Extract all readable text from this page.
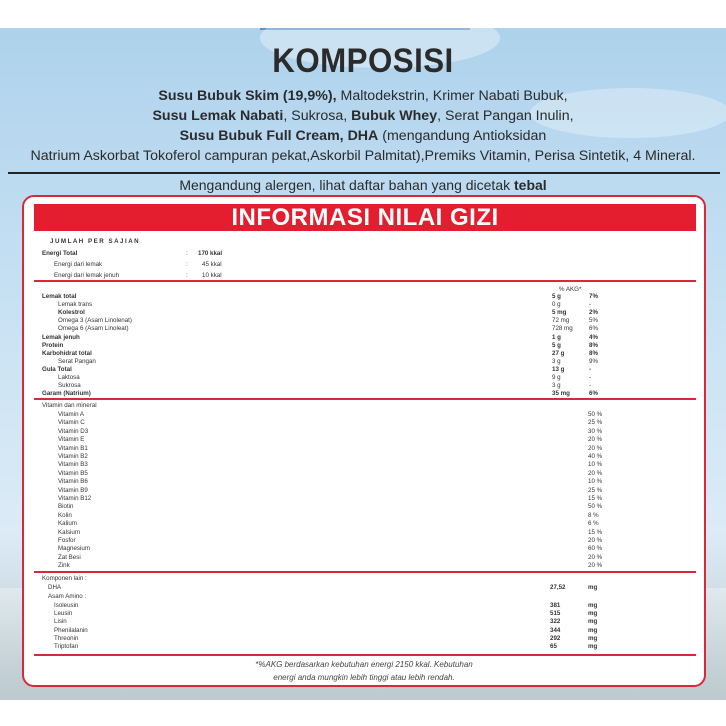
KOMPOSISI
Susu Bubuk Skim (19,9%), Maltodekstrin, Krimer Nabati Bubuk,
Susu Lemak Nabati, Sukrosa, Bubuk Whey, Serat Pangan Inulin,
Susu Bubuk Full Cream, DHA (mengandung Antioksidan
Natrium Askorbat Tokoferol campuran pekat,Askorbil Palmitat),Premiks Vitamin, Perisa Sintetik, 4 Mineral.
Mengandung alergen, lihat daftar bahan yang dicetak tebal
INFORMASI NILAI GIZI
JUMLAH PER SAJIAN
% AKG*
Vitamin dan mineral
Komponen lain :
*%AKG berdasarkan kebutuhan energi 2150 kkal. Kebutuhan
energi anda mungkin lebih tinggi atau lebih rendah.
Energi Total	: 170 kkal
Energi dari lemak	: 45 kkal
Energi dari lemak jenuh	: 10 kkal
Lemak total	5 g	7%
Lemak trans	0 g	-
Kolestrol	5 mg	2%
Omega 3 (Asam Linolenat)	72 mg	5%
Omega 6 (Asam Linoleat)	728 mg	6%
Lemak jenuh	1 g	4%
Protein	5 g	8%
Karbohidrat total	27 g	8%
Serat Pangan	3 g	9%
Gula Total	13 g	-
Laktosa	9 g	-
Sukrosa	3 g	-
Garam (Natrium)	35 mg	6%
Vitamin A	50 %
Vitamin C	25 %
Vitamin D3	30 %
Vitamin E	20 %
Vitamin B1	20 %
Vitamin B2	40 %
Vitamin B3	10 %
Vitamin B5	20 %
Vitamin B6	10 %
Vitamin B9	25 %
Vitamin B12	15 %
Biotin	50 %
Kolin	8 %
Kalium	6 %
Kalsium	15 %
Fosfor	20 %
Magnesium	60 %
Zat Besi	20 %
Zink	20 %
DHA	27,52	mg
Asam Amino :
Isoleusin	381	mg
Leusin	515	mg
Lisin	322	mg
Phenilalanin	344	mg
Threonin	292	mg
Triptofan	65	mg
